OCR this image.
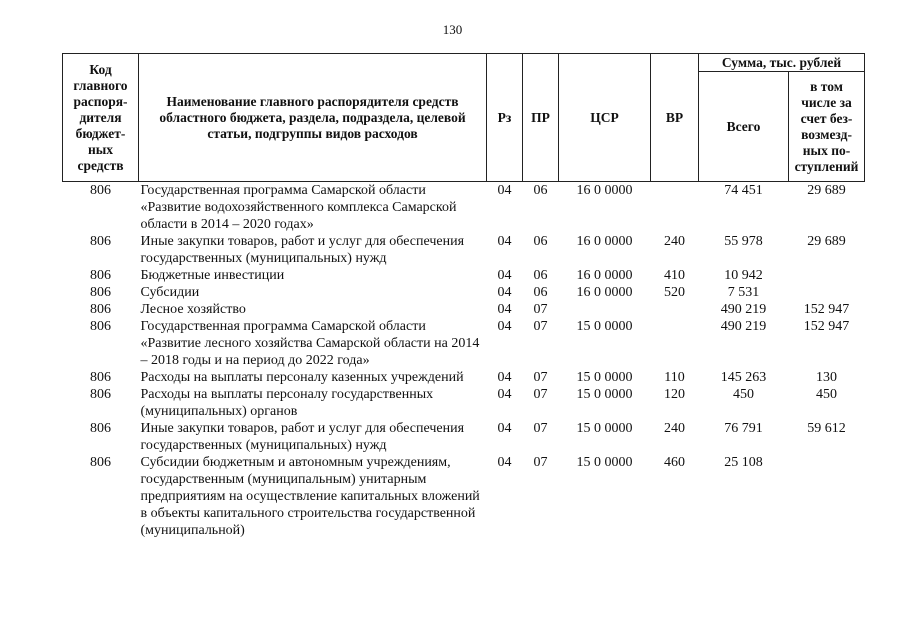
130
Код главного распоря-дителя бюджет-ных средств	Наименование главного распорядителя средств областного бюджета, раздела, подраздела, целевой статьи, подгруппы видов расходов	Рз	ПР	ЦСР	ВР	Сумма, тыс. рублей	
						Всего	в том числе за счет без-возмезд-ных по-ступлений
806	Государственная программа Самарской области «Развитие водохозяйственного комплекса Самарской области в 2014 – 2020 годах»	04	06	16 0 0000		74 451	29 689
806	Иные закупки товаров, работ и услуг для обеспечения государственных (муниципальных) нужд	04	06	16 0 0000	240	55 978	29 689
806	Бюджетные инвестиции	04	06	16 0 0000	410	10 942	
806	Субсидии	04	06	16 0 0000	520	7 531	
806	Лесное хозяйство	04	07			490 219	152 947
806	Государственная программа Самарской области «Развитие лесного хозяйства Самарской области на 2014 – 2018 годы и на период до 2022 года»	04	07	15 0 0000		490 219	152 947
806	Расходы на выплаты персоналу казенных учреждений	04	07	15 0 0000	110	145 263	130
806	Расходы на выплаты персоналу государственных (муниципальных) органов	04	07	15 0 0000	120	450	450
806	Иные закупки товаров, работ и услуг для обеспечения государственных (муниципальных) нужд	04	07	15 0 0000	240	76 791	59 612
806	Субсидии бюджетным и автономным учреждениям, государственным (муниципальным) унитарным предприятиям на осуществление капитальных вложений в объекты капитального строительства государственной (муниципальной)	04	07	15 0 0000	460	25 108	
